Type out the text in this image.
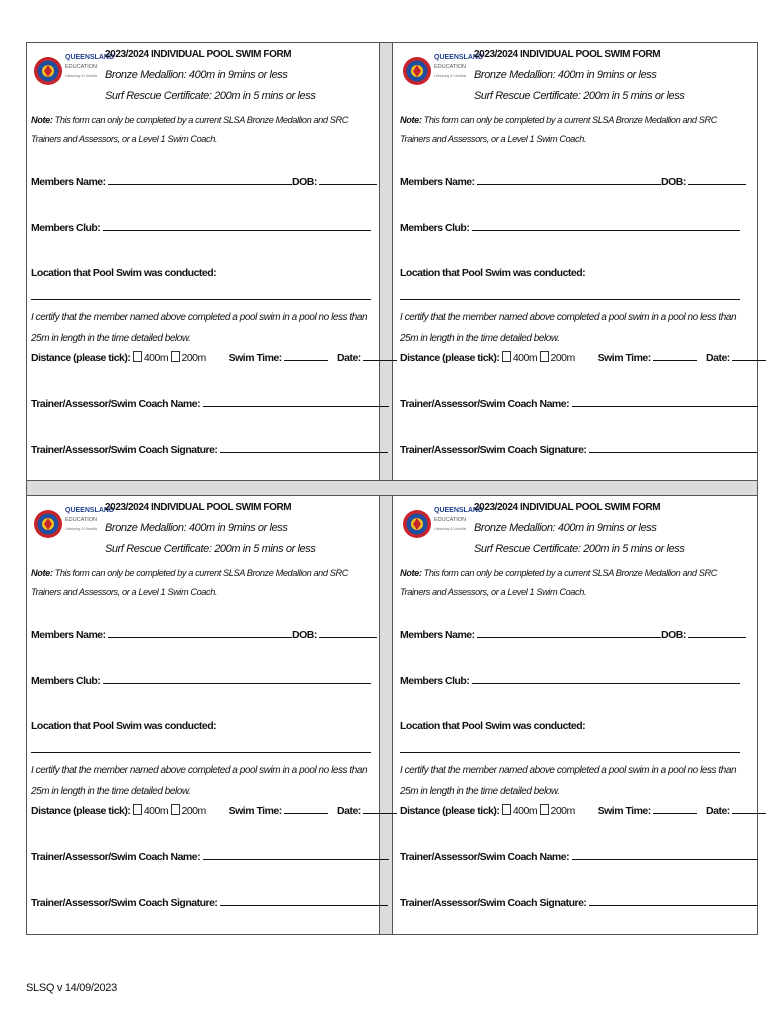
QUEENSLAND
EDUCATION
Lifesaving & Lifeskills
2023/2024 INDIVIDUAL POOL SWIM FORM
Bronze Medallion: 400m in 9mins or less
Surf Rescue Certificate: 200m in 5 mins or less
Note: This form can only be completed by a current SLSA Bronze Medallion and SRC Trainers and Assessors, or a Level 1 Swim Coach.
Members Name:	DOB:
Members Club:
Location that Pool Swim was conducted:
I certify that the member named above completed a pool swim in a pool no less than 25m in length in the time detailed below.
Distance (please tick): 400m 200m Swim Time:	Date:
Trainer/Assessor/Swim Coach Name:
Trainer/Assessor/Swim Coach Signature:
QUEENSLAND
EDUCATION
Lifesaving & Lifeskills
2023/2024 INDIVIDUAL POOL SWIM FORM
Bronze Medallion: 400m in 9mins or less
Surf Rescue Certificate: 200m in 5 mins or less
Note: This form can only be completed by a current SLSA Bronze Medallion and SRC Trainers and Assessors, or a Level 1 Swim Coach.
Members Name:	DOB:
Members Club:
Location that Pool Swim was conducted:
I certify that the member named above completed a pool swim in a pool no less than 25m in length in the time detailed below.
Distance (please tick): 400m 200m Swim Time:	Date:
Trainer/Assessor/Swim Coach Name:
Trainer/Assessor/Swim Coach Signature:
QUEENSLAND
EDUCATION
Lifesaving & Lifeskills
2023/2024 INDIVIDUAL POOL SWIM FORM
Bronze Medallion: 400m in 9mins or less
Surf Rescue Certificate: 200m in 5 mins or less
Note: This form can only be completed by a current SLSA Bronze Medallion and SRC Trainers and Assessors, or a Level 1 Swim Coach.
Members Name:	DOB:
Members Club:
Location that Pool Swim was conducted:
I certify that the member named above completed a pool swim in a pool no less than 25m in length in the time detailed below.
Distance (please tick): 400m 200m Swim Time:	Date:
Trainer/Assessor/Swim Coach Name:
Trainer/Assessor/Swim Coach Signature:
QUEENSLAND
EDUCATION
Lifesaving & Lifeskills
2023/2024 INDIVIDUAL POOL SWIM FORM
Bronze Medallion: 400m in 9mins or less
Surf Rescue Certificate: 200m in 5 mins or less
Note: This form can only be completed by a current SLSA Bronze Medallion and SRC Trainers and Assessors, or a Level 1 Swim Coach.
Members Name:	DOB:
Members Club:
Location that Pool Swim was conducted:
I certify that the member named above completed a pool swim in a pool no less than 25m in length in the time detailed below.
Distance (please tick): 400m 200m Swim Time:	Date:
Trainer/Assessor/Swim Coach Name:
Trainer/Assessor/Swim Coach Signature:
SLSQ v 14/09/2023
